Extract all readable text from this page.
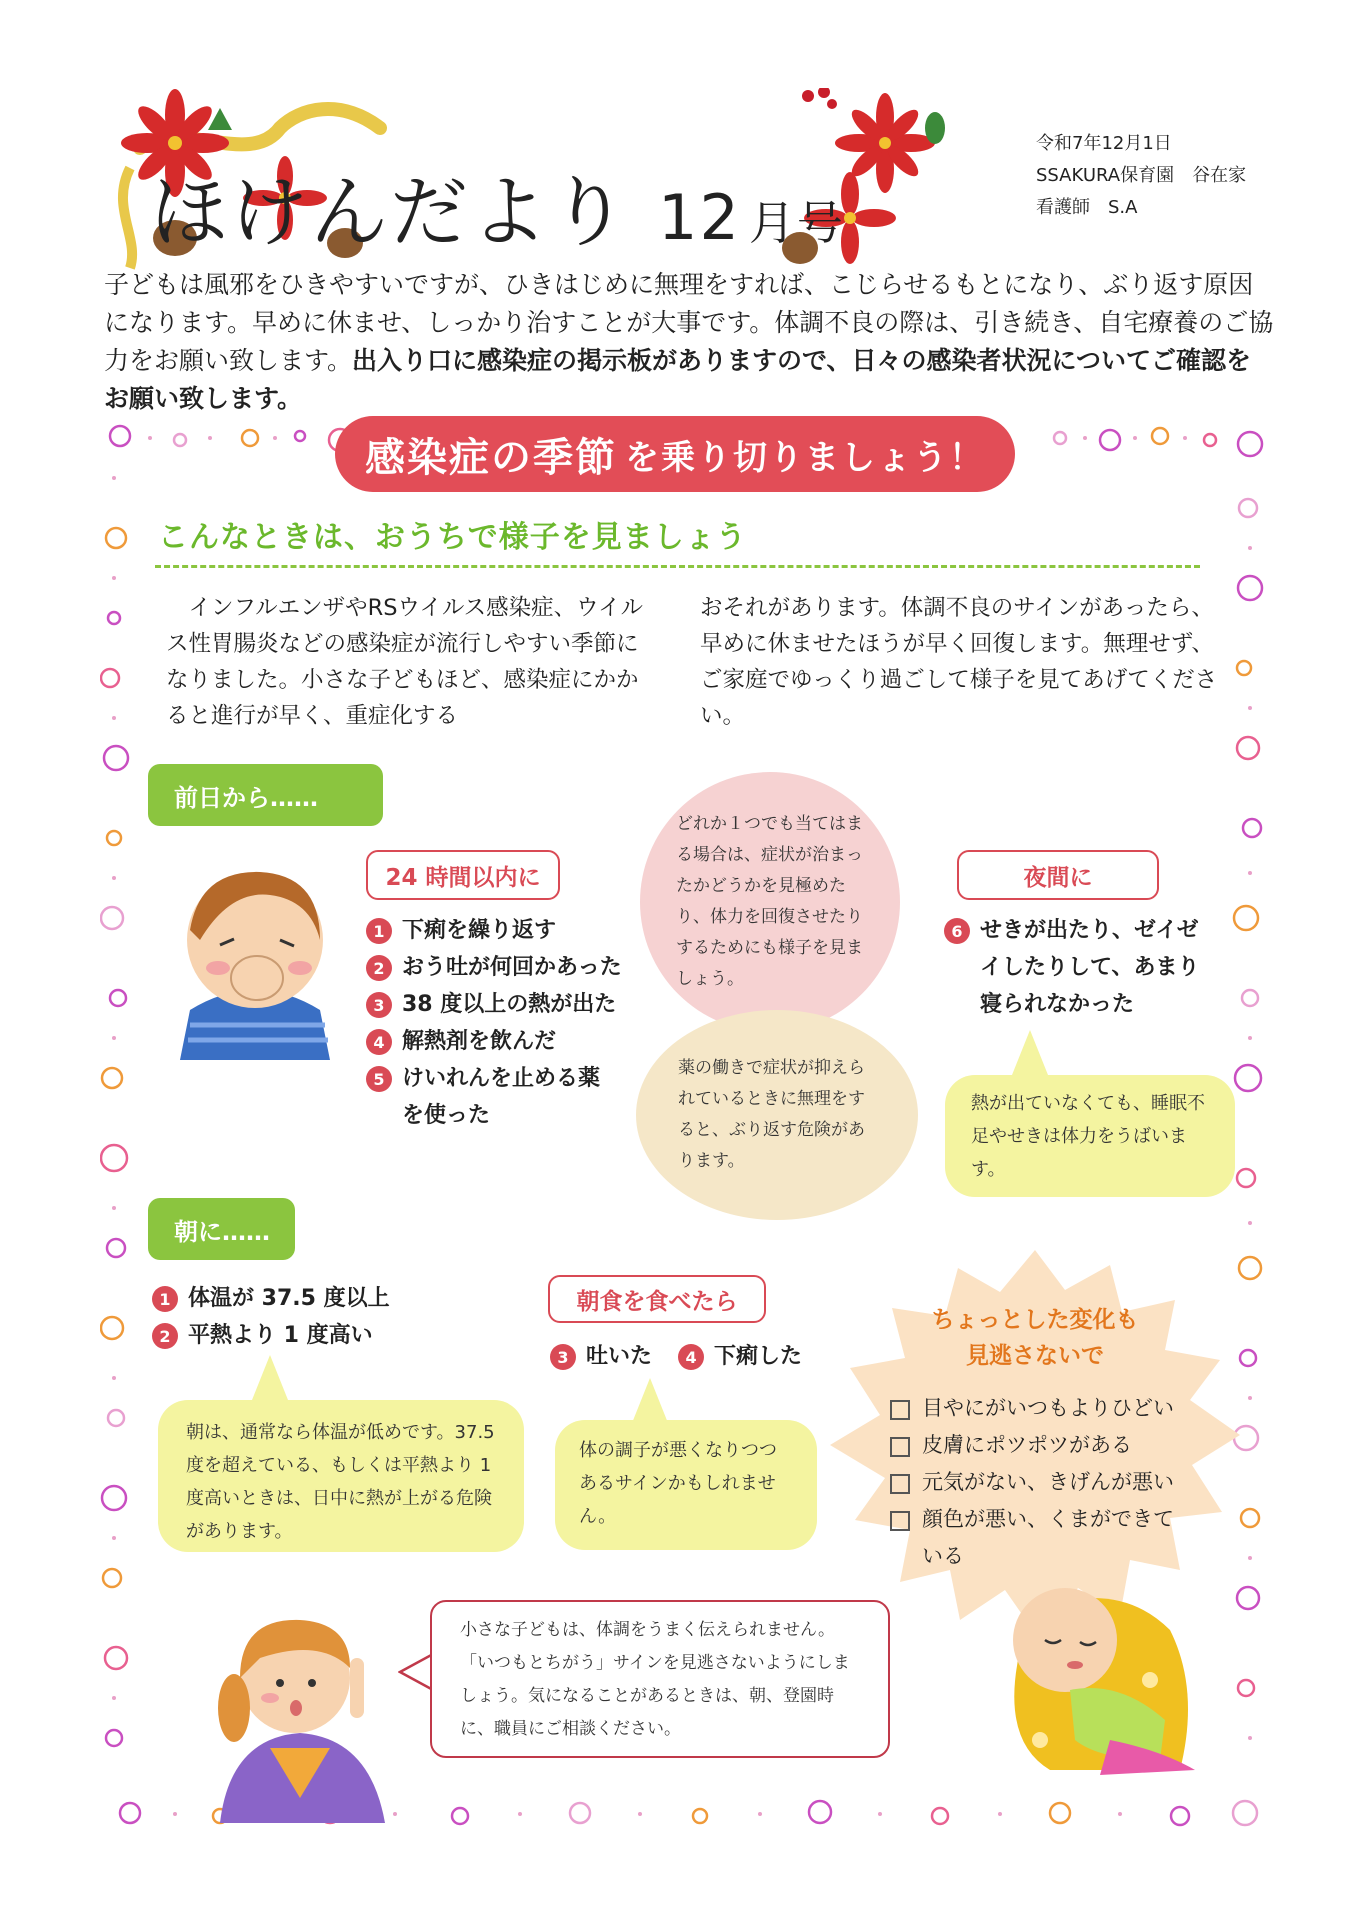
ほけんだより 12 月号
令和7年12月1日
SSAKURA保育園　谷在家
看護師　S.A
子どもは風邪をひきやすいですが、ひきはじめに無理をすれば、こじらせるもとになり、ぶり返す原因になります。早めに休ませ、しっかり治すことが大事です。体調不良の際は、引き続き、自宅療養のご協力をお願い致します。出入り口に感染症の掲示板がありますので、日々の感染者状況についてご確認をお願い致します。
感染症の季節 を乗り切りましょう！
こんなときは、おうちで様子を見ましょう
　インフルエンザやRSウイルス感染症、ウイルス性胃腸炎などの感染症が流行しやすい季節になりました。小さな子どもほど、感染症にかかると進行が早く、重症化する
おそれがあります。体調不良のサインがあったら、早めに休ませたほうが早く回復します。無理せず、ご家庭でゆっくり過ごして様子を見てあげてください。
前日から……
24 時間以内に
1 下痢を繰り返す
2 おう吐が何回かあった
3 38 度以上の熱が出た
4 解熱剤を飲んだ
5 けいれんを止める薬を使った
どれか１つでも当てはまる場合は、症状が治まったかどうかを見極めたり、体力を回復させたりするためにも様子を見ましょう。
薬の働きで症状が抑えられているときに無理をすると、ぶり返す危険があります。
夜間に
6 せきが出たり、ゼイゼイしたりして、あまり寝られなかった
熱が出ていなくても、睡眠不足やせきは体力をうばいます。
朝に……
1 体温が 37.5 度以上
2 平熱より 1 度高い
朝は、通常なら体温が低めです。37.5 度を超えている、もしくは平熱より 1 度高いときは、日中に熱が上がる危険があります。
朝食を食べたら
3 吐いた	4 下痢した
体の調子が悪くなりつつあるサインかもしれません。
ちょっとした変化も
見逃さないで
目やにがいつもよりひどい
皮膚にポツポツがある
元気がない、きげんが悪い
顔色が悪い、くまができている
小さな子どもは、体調をうまく伝えられません。「いつもとちがう」サインを見逃さないようにしましょう。気になることがあるときは、朝、登園時に、職員にご相談ください。
